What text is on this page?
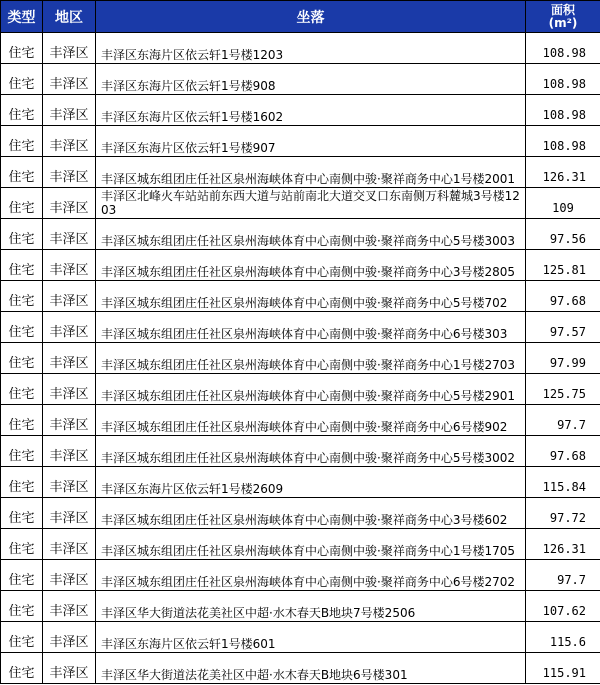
类型	地区	坐落	面积
(m²)

住宅	丰泽区	丰泽区东海片区依云轩1号楼1203	108.98
住宅	丰泽区	丰泽区东海片区依云轩1号楼908	108.98
住宅	丰泽区	丰泽区东海片区依云轩1号楼1602	108.98
住宅	丰泽区	丰泽区东海片区依云轩1号楼907	108.98
住宅	丰泽区	丰泽区城东组团庄任社区泉州海峡体育中心南侧中骏·聚祥商务中心1号楼2001	126.31
住宅	丰泽区	丰泽区北峰火车站站前东西大道与站前南北大道交叉口东南侧万科麓城3号楼1203	109
住宅	丰泽区	丰泽区城东组团庄任社区泉州海峡体育中心南侧中骏·聚祥商务中心5号楼3003	97.56
住宅	丰泽区	丰泽区城东组团庄任社区泉州海峡体育中心南侧中骏·聚祥商务中心3号楼2805	125.81
住宅	丰泽区	丰泽区城东组团庄任社区泉州海峡体育中心南侧中骏·聚祥商务中心5号楼702	97.68
住宅	丰泽区	丰泽区城东组团庄任社区泉州海峡体育中心南侧中骏·聚祥商务中心6号楼303	97.57
住宅	丰泽区	丰泽区城东组团庄任社区泉州海峡体育中心南侧中骏·聚祥商务中心1号楼2703	97.99
住宅	丰泽区	丰泽区城东组团庄任社区泉州海峡体育中心南侧中骏·聚祥商务中心5号楼2901	125.75
住宅	丰泽区	丰泽区城东组团庄任社区泉州海峡体育中心南侧中骏·聚祥商务中心6号楼902	97.7
住宅	丰泽区	丰泽区城东组团庄任社区泉州海峡体育中心南侧中骏·聚祥商务中心5号楼3002	97.68
住宅	丰泽区	丰泽区东海片区依云轩1号楼2609	115.84
住宅	丰泽区	丰泽区城东组团庄任社区泉州海峡体育中心南侧中骏·聚祥商务中心3号楼602	97.72
住宅	丰泽区	丰泽区城东组团庄任社区泉州海峡体育中心南侧中骏·聚祥商务中心1号楼1705	126.31
住宅	丰泽区	丰泽区城东组团庄任社区泉州海峡体育中心南侧中骏·聚祥商务中心6号楼2702	97.7
住宅	丰泽区	丰泽区华大街道法花美社区中超·水木春天B地块7号楼2506	107.62
住宅	丰泽区	丰泽区东海片区依云轩1号楼601	115.6
住宅	丰泽区	丰泽区华大街道法花美社区中超·水木春天B地块6号楼301	115.91
